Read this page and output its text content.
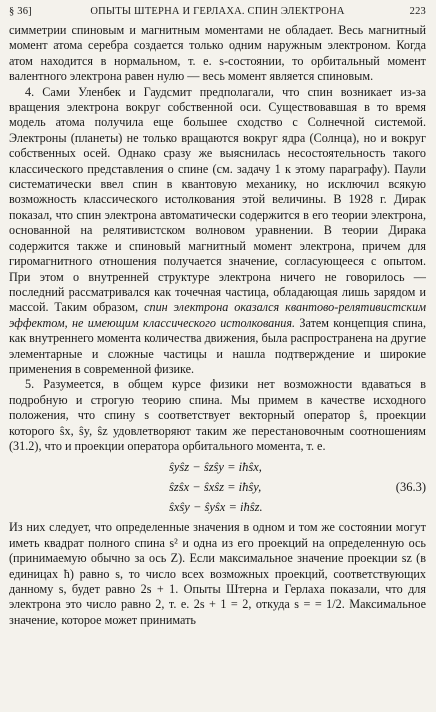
§ 36]	ОПЫТЫ ШТЕРНА И ГЕРЛАХА. СПИН ЭЛЕКТРОНА	223

симметрии спиновым и магнитным моментами не обладает. Весь магнитный момент атома серебра создается только одним наружным электроном. Когда атом находится в нормальном, т. е. s-состоянии, то орбитальный момент валентного электрона равен нулю — весь момент является спиновым.

4. Сами Уленбек и Гаудсмит предполагали, что спин возникает из-за вращения электрона вокруг собственной оси. Существовавшая в то время модель атома получила еще большее сходство с Солнечной системой. Электроны (планеты) не только вращаются вокруг ядра (Солнца), но и вокруг собственных осей. Однако сразу же выяснилась несостоятельность такого классического представления о спине (см. задачу 1 к этому параграфу). Паули систематически ввел спин в квантовую механику, но исключил всякую возможность классического истолкования этой величины. В 1928 г. Дирак показал, что спин электрона автоматически содержится в его теории электрона, основанной на релятивистском волновом уравнении. В теории Дирака содержится также и спиновый магнитный момент электрона, причем для гиромагнитного отношения получается значение, согласующееся с опытом. При этом о внутренней структуре электрона ничего не говорилось — последний рассматривался как точечная частица, обладающая лишь зарядом и массой. Таким образом, спин электрона оказался квантово-релятивистским эффектом, не имеющим классического истолкования. Затем концепция спина, как внутреннего момента количества движения, была распространена на другие элементарные и сложные частицы и нашла подтверждение и широкие применения в современной физике.

5. Разумеется, в общем курсе физики нет возможности вдаваться в подробную и строгую теорию спина. Мы примем в качестве исходного положения, что спину s соответствует векторный оператор ŝ, проекции которого ŝx, ŝy, ŝz удовлетворяют таким же перестановочным соотношениям (31.2), что и проекции оператора орбитального момента, т. е.

ŝyŝz − ŝzŝy = iħŝx,
ŝzŝx − ŝxŝz = iħŝy,
ŝxŝy − ŝyŝx = iħŝz.
(36.3)

Из них следует, что определенные значения в одном и том же состоянии могут иметь квадрат полного спина s² и одна из его проекций на определенную ось (принимаемую обычно за ось Z). Если максимальное значение проекции sz (в единицах ħ) равно s, то число всех возможных проекций, соответствующих данному s, будет равно 2s + 1. Опыты Штерна и Герлаха показали, что для электрона это число равно 2, т. е. 2s + 1 = 2, откуда s = = 1/2. Максимальное значение, которое может принимать
